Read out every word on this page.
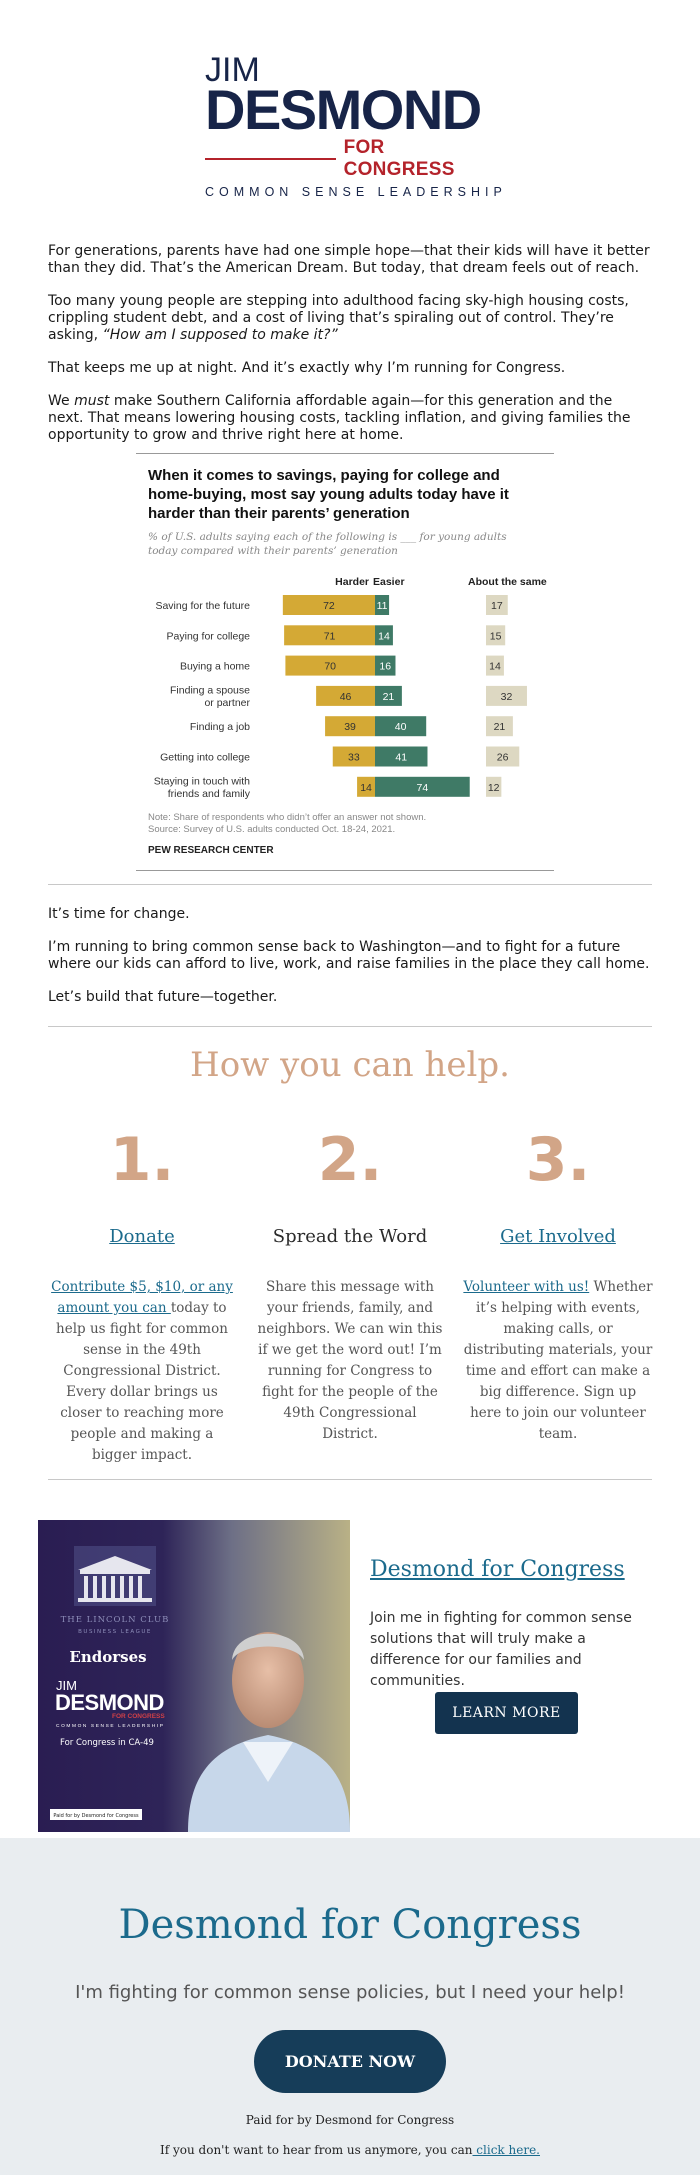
JIM
DESMOND
FOR CONGRESS
COMMON SENSE LEADERSHIP

For generations, parents have had one simple hope—that their kids will have it better than they did. That’s the American Dream. But today, that dream feels out of reach.

Too many young people are stepping into adulthood facing sky-high housing costs, crippling student debt, and a cost of living that’s spiraling out of control. They’re asking, “How am I supposed to make it?”

That keeps me up at night. And it’s exactly why I’m running for Congress.

We must make Southern California affordable again—for this generation and the next. That means lowering housing costs, tackling inflation, and giving families the opportunity to grow and thrive right here at home.

When it comes to savings, paying for college and home-buying, most say young adults today have it harder than their parents’ generation
% of U.S. adults saying each of the following is ___ for young adults today compared with their parents’ generation
Harder Easier	About the same
Saving for the future	72	11	17
Paying for college	71	14	15
Buying a home	70	16	14
Finding a spouse or partner
46	21	32
Finding a job	39	40	21
Getting into college	33	41	26
Staying in touch with friends and family
14	74	12
Note: Share of respondents who didn’t offer an answer not shown.
Source: Survey of U.S. adults conducted Oct. 18-24, 2021.
PEW RESEARCH CENTER

It’s time for change.

I’m running to bring common sense back to Washington—and to fight for a future where our kids can afford to live, work, and raise families in the place they call home.

Let’s build that future—together.

How you can help.
1.
Donate
Contribute $5, $10, or any amount you can today to help us fight for common sense in the 49th Congressional District. Every dollar brings us closer to reaching more people and making a bigger impact.
2.
Spread the Word
Share this message with your friends, family, and neighbors. We can win this if we get the word out! I’m running for Congress to fight for the people of the 49th Congressional District.
3.
Get Involved
Volunteer with us! Whether it’s helping with events, making calls, or distributing materials, your time and effort can make a big difference. Sign up here to join our volunteer team.
THE LINCOLN CLUB
BUSINESS LEAGUE
Endorses
JIM
DESMOND
FOR CONGRESS
COMMON SENSE LEADERSHIP
For Congress in CA-49
Paid for by Desmond for Congress
Desmond for Congress
Join me in fighting for common sense solutions that will truly make a difference for our families and communities.
LEARN MORE
Desmond for Congress
I'm fighting for common sense policies, but I need your help!
DONATE NOW
Paid for by Desmond for Congress
If you don't want to hear from us anymore, you can click here.
